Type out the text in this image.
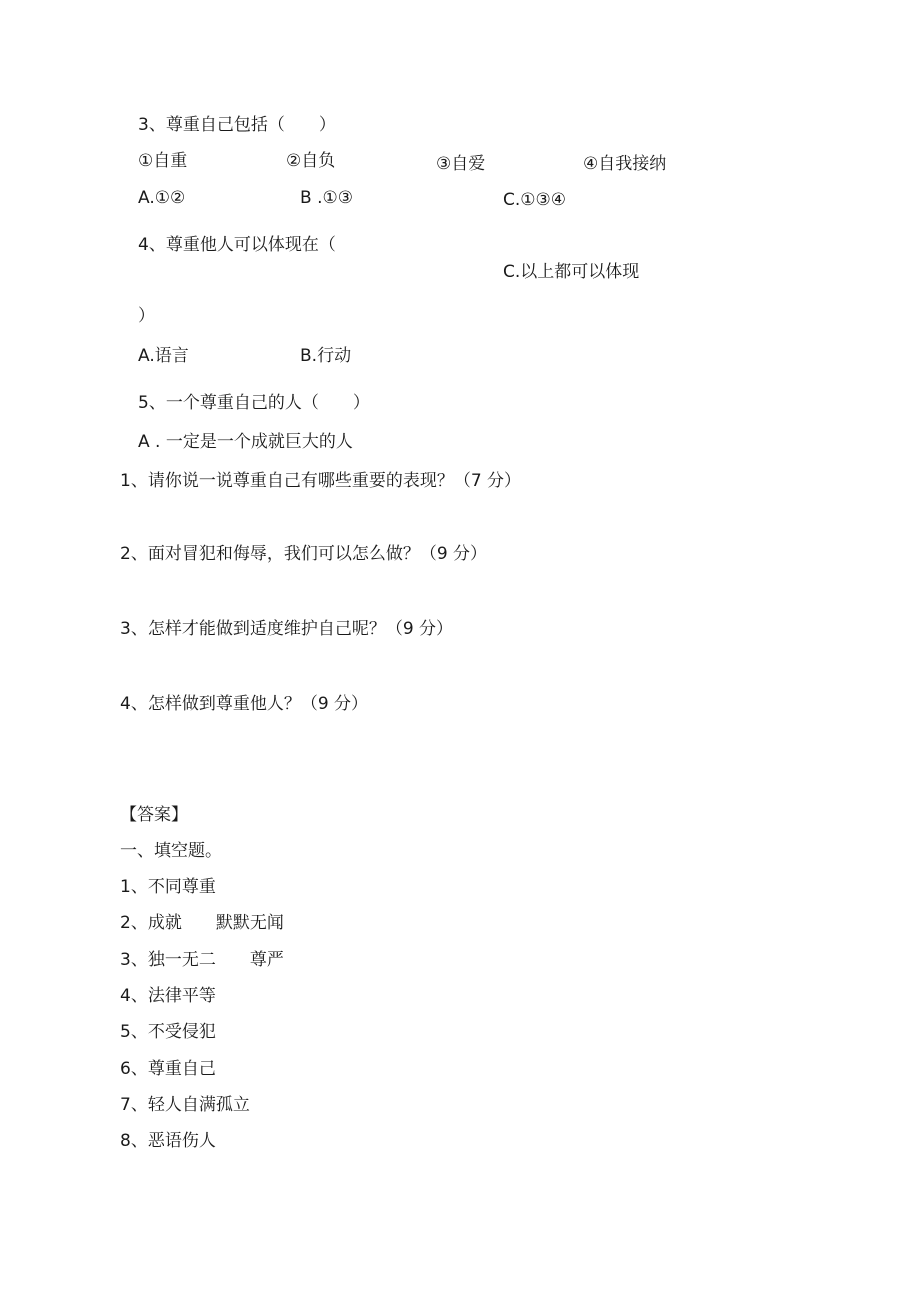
3、尊重自己包括（　　）
①自重	②自负	③自爱	④自我接纳
A.①②	B .①③	C.①③④
4、尊重他人可以体现在（
C.以上都可以体现
）
A.语言	B.行动
5、一个尊重自己的人（　　）
A . 一定是一个成就巨大的人
1、请你说一说尊重自己有哪些重要的表现？（7 分）
2、面对冒犯和侮辱，我们可以怎么做？（9 分）
3、怎样才能做到适度维护自己呢？（9 分）
4、怎样做到尊重他人？（9 分）
【答案】
一、填空题。
1、不同尊重
2、成就　　默默无闻
3、独一无二　　尊严
4、法律平等
5、不受侵犯
6、尊重自己
7、轻人自满孤立
8、恶语伤人
